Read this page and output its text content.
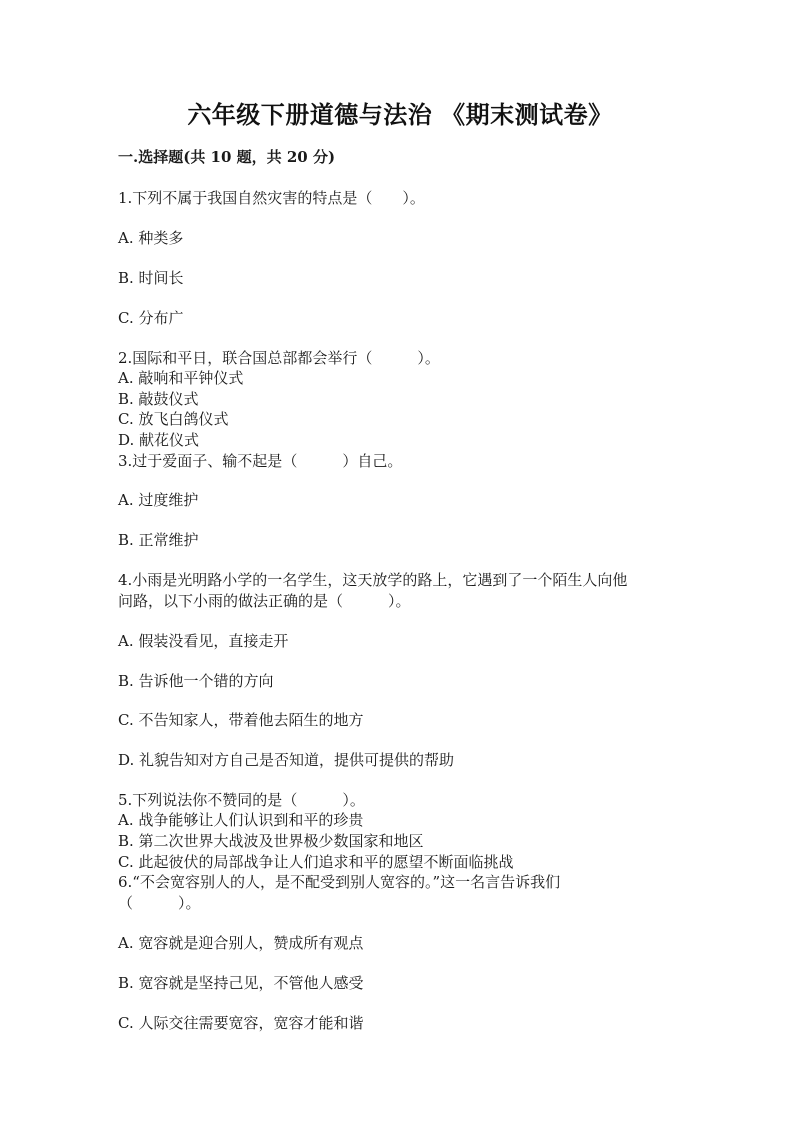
六年级下册道德与法治 《期末测试卷》
一.选择题(共 10 题，共 20 分)
1.下列不属于我国自然灾害的特点是（　　）。
A. 种类多
B. 时间长
C. 分布广
2.国际和平日，联合国总部都会举行（　　　）。
A. 敲响和平钟仪式
B. 敲鼓仪式
C. 放飞白鸽仪式
D. 献花仪式
3.过于爱面子、输不起是（　　　）自己。
A. 过度维护
B. 正常维护
4.小雨是光明路小学的一名学生，这天放学的路上，它遇到了一个陌生人向他
问路，以下小雨的做法正确的是（　　　）。
A. 假装没看见，直接走开
B. 告诉他一个错的方向
C. 不告知家人，带着他去陌生的地方
D. 礼貌告知对方自己是否知道，提供可提供的帮助
5.下列说法你不赞同的是（　　　）。
A. 战争能够让人们认识到和平的珍贵
B. 第二次世界大战波及世界极少数国家和地区
C. 此起彼伏的局部战争让人们追求和平的愿望不断面临挑战
6.“不会宽容别人的人，是不配受到别人宽容的。”这一名言告诉我们
（　　　）。
A. 宽容就是迎合别人，赞成所有观点
B. 宽容就是坚持己见，不管他人感受
C. 人际交往需要宽容，宽容才能和谐
